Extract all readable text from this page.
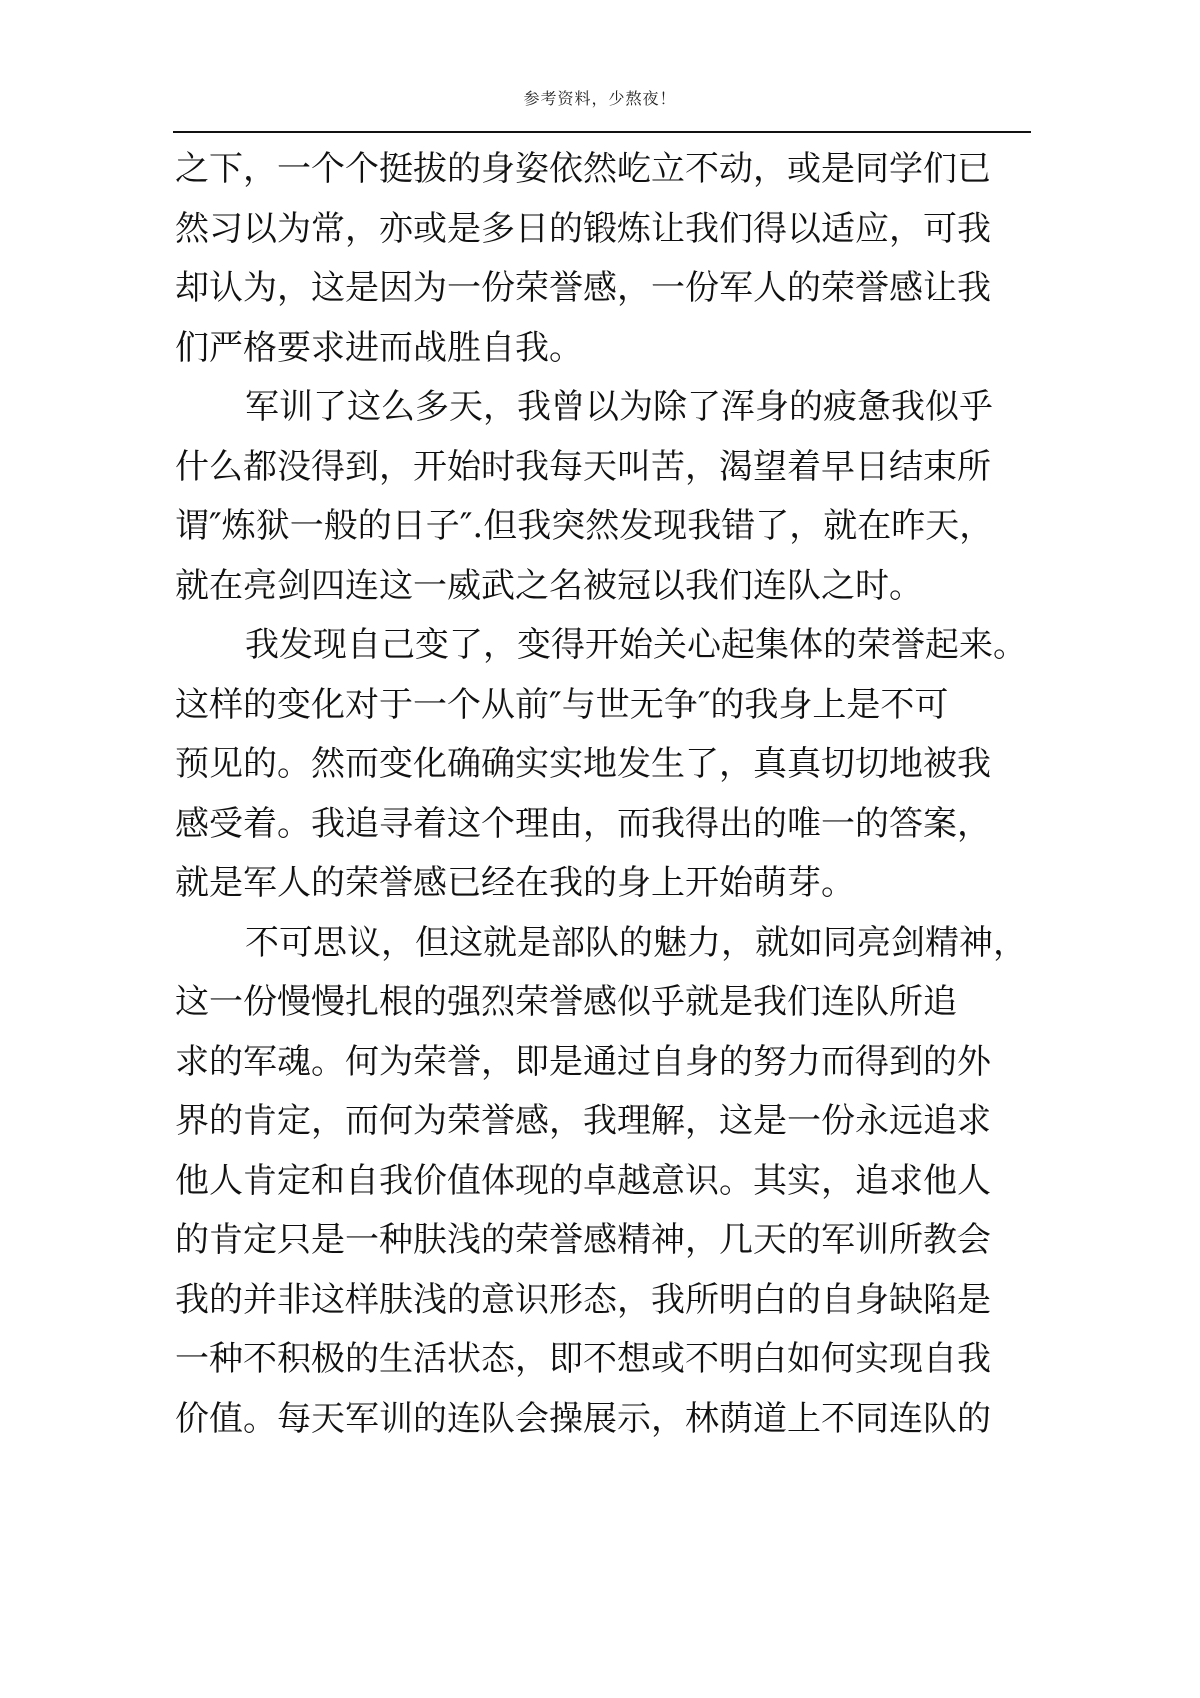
参考资料，少熬夜！
之下，一个个挺拔的身姿依然屹立不动，或是同学们已
然习以为常，亦或是多日的锻炼让我们得以适应，可我
却认为，这是因为一份荣誉感，一份军人的荣誉感让我
们严格要求进而战胜自我。
军训了这么多天，我曾以为除了浑身的疲惫我似乎
什么都没得到，开始时我每天叫苦，渴望着早日结束所
谓″炼狱一般的日子″.但我突然发现我错了，就在昨天，
就在亮剑四连这一威武之名被冠以我们连队之时。
我发现自己变了，变得开始关心起集体的荣誉起来。
这样的变化对于一个从前″与世无争″的我身上是不可
预见的。然而变化确确实实地发生了，真真切切地被我
感受着。我追寻着这个理由，而我得出的唯一的答案，
就是军人的荣誉感已经在我的身上开始萌芽。
不可思议，但这就是部队的魅力，就如同亮剑精神，
这一份慢慢扎根的强烈荣誉感似乎就是我们连队所追
求的军魂。何为荣誉，即是通过自身的努力而得到的外
界的肯定，而何为荣誉感，我理解，这是一份永远追求
他人肯定和自我价值体现的卓越意识。其实，追求他人
的肯定只是一种肤浅的荣誉感精神，几天的军训所教会
我的并非这样肤浅的意识形态，我所明白的自身缺陷是
一种不积极的生活状态，即不想或不明白如何实现自我
价值。每天军训的连队会操展示，林荫道上不同连队的
